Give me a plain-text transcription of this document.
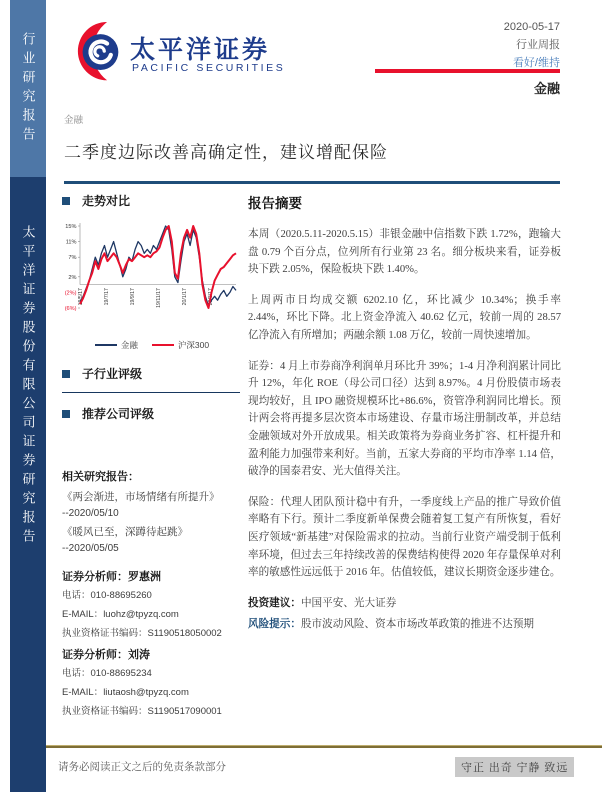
行业研究报告
太平洋证券股份有限公司证券研究报告
太平洋证券
PACIFIC SECURITIES
2020-05-17
行业周报
看好/维持
金融
金融
二季度边际改善高确定性，建议增配保险
走势对比
15%
11%
7%
2%
(2%)
(6%)
19/5/17	19/7/17	19/9/17	19/11/17	20/1/17	20/3/17
金融	沪深300
子行业评级
推荐公司评级
相关研究报告：
《两会渐进，市场情绪有所提升》
--2020/05/10
《暖风已至，深蹲待起跳》
--2020/05/05
证券分析师：罗惠洲
电话：010-88695260
E-MAIL：luohz@tpyzq.com
执业资格证书编码：S1190518050002
证券分析师：刘涛
电话：010-88695234
E-MAIL：liutaosh@tpyzq.com
执业资格证书编码：S1190517090001
报告摘要

本周（2020.5.11-2020.5.15）非银金融中信指数下跌 1.72%，跑输大盘 0.79 个百分点，位列所有行业第 23 名。细分板块来看，证券板块下跌 2.05%，保险板块下跌 1.40%。

上周两市日均成交额 6202.10 亿，环比减少 10.34%；换手率 2.44%，环比下降。北上资金净流入 40.62 亿元，较前一周的 28.57 亿净流入有所增加；两融余额 1.08 万亿，较前一周快速增加。

证券：4 月上市券商净利润单月环比升 39%；1-4 月净利润累计同比升 12%，年化 ROE（母公司口径）达到 8.97%。4 月份股债市场表现均较好，且 IPO 融资规模环比+86.6%，资管净利润同比增长。预计两会将再提多层次资本市场建设、存量市场注册制改革，并总结金融领域对外开放成果。相关政策将为券商业务扩容、杠杆提升和盈利能力加强带来利好。当前，五家大券商的平均市净率 1.14 倍，破净的国泰君安、光大值得关注。

保险：代理人团队预计稳中有升，一季度线上产品的推广导致价值率略有下行。预计二季度新单保费会随着复工复产有所恢复，看好医疗领域“新基建”对保险需求的拉动。当前行业资产端受制于低利率环境，但过去三年持续改善的保费结构使得 2020 年存量保单对利率的敏感性远远低于 2016 年。估值较低，建议长期资金逐步建仓。

投资建议：中国平安、光大证券
风险提示：股市波动风险、资本市场改革政策的推进不达预期
请务必阅读正文之后的免责条款部分	守正 出奇 宁静 致远
